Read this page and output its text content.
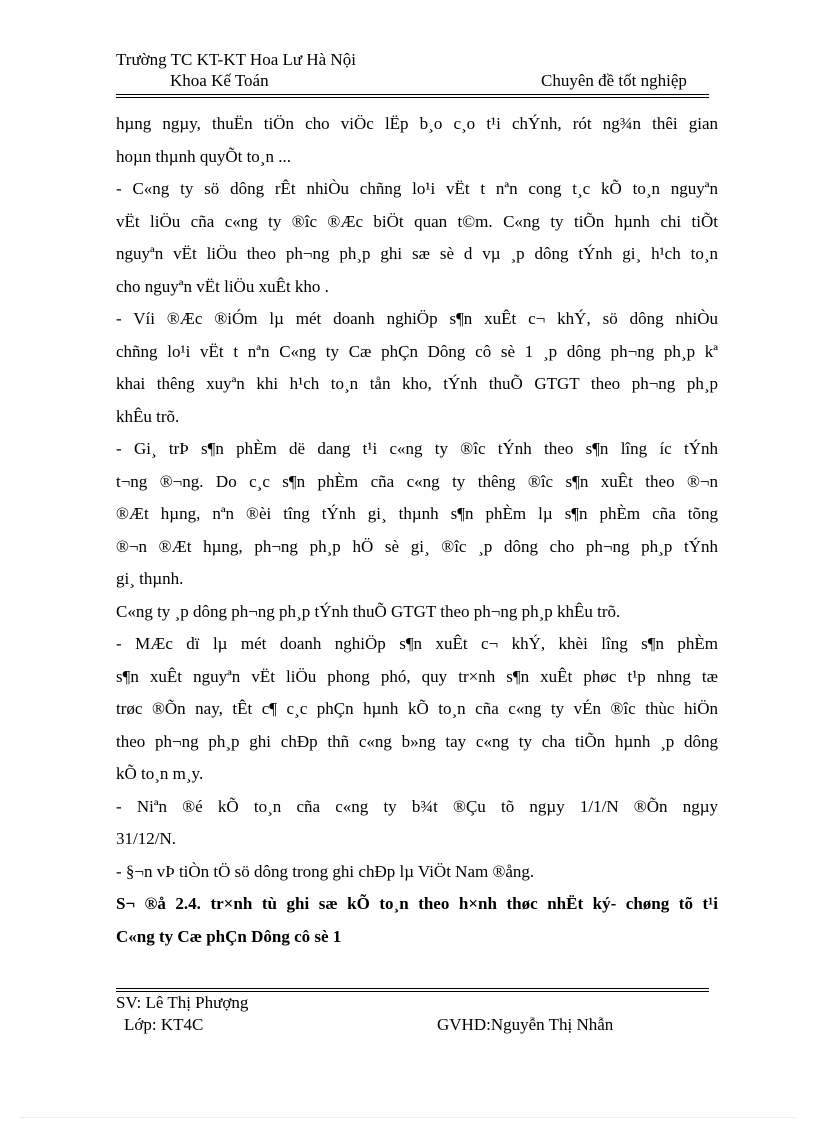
Trường TC KT-KT Hoa Lư Hà Nội
Khoa Kế Toán	Chuyên đề tốt nghiệp
hµng ngµy, thuËn tiÖn cho viÖc lËp b¸o c¸o t¹i chÝnh, rót ng¾n thêi gian
hoµn thµnh quyÕt to¸n ...
- C«ng ty sö dông rÊt nhiÒu chñng lo¹i vËt t nªn cong t¸c kÕ to¸n nguyªn
vËt liÖu cña c«ng ty ®îc ®Æc biÖt quan t©m. C«ng ty tiÕn hµnh chi tiÕt
nguyªn vËt liÖu theo ph¬ng ph¸p ghi sæ sè d vµ ¸p dông tÝnh gi¸ h¹ch to¸n
cho nguyªn vËt liÖu xuÊt kho .
- Víi ®Æc ®iÓm lµ mét doanh nghiÖp s¶n xuÊt c¬ khÝ, sö dông nhiÒu
chñng lo¹i vËt t nªn C«ng ty Cæ phÇn Dông cô sè 1 ¸p dông ph¬ng ph¸p kª
khai thêng xuyªn khi h¹ch to¸n tån kho, tÝnh thuÕ GTGT theo ph¬ng ph¸p
khÊu trõ.
- Gi¸ trÞ s¶n phÈm dë dang t¹i c«ng ty ®îc tÝnh theo s¶n lîng íc tÝnh
t¬ng ®¬ng. Do c¸c s¶n phÈm cña c«ng ty thêng ®îc s¶n xuÊt theo ®¬n
®Æt hµng, nªn ®èi tîng tÝnh gi¸ thµnh s¶n phÈm lµ s¶n phÈm cña tõng
®¬n ®Æt hµng, ph¬ng ph¸p hÖ sè gi¸ ®îc ¸p dông cho ph¬ng ph¸p tÝnh
gi¸ thµnh.
C«ng ty ¸p dông ph¬ng ph¸p tÝnh thuÕ GTGT theo ph¬ng ph¸p khÊu trõ.
- MÆc dï lµ mét doanh nghiÖp s¶n xuÊt c¬ khÝ, khèi lîng s¶n phÈm
s¶n xuÊt nguyªn vËt liÖu phong phó, quy tr×nh s¶n xuÊt phøc t¹p nhng tæ
trøc ®Õn nay, tÊt c¶ c¸c phÇn hµnh kÕ to¸n cña c«ng ty vÉn ®îc thùc hiÖn
theo ph¬ng ph¸p ghi chÐp thñ c«ng b»ng tay c«ng ty cha tiÕn hµnh ¸p dông
kÕ to¸n m¸y.
- Niªn ®é kÕ to¸n cña c«ng ty b¾t ®Çu tõ ngµy 1/1/N ®Õn ngµy
31/12/N.
- §¬n vÞ tiÒn tÖ sö dông trong ghi chÐp lµ ViÖt Nam ®ång.
S¬ ®å 2.4. tr×nh tù ghi sæ kÕ to¸n theo h×nh thøc nhËt ký- chøng tõ t¹i
C«ng ty Cæ phÇn Dông cô sè 1
SV: Lê Thị Phượng
Lớp: KT4C	GVHD:Nguyễn Thị Nhẫn
